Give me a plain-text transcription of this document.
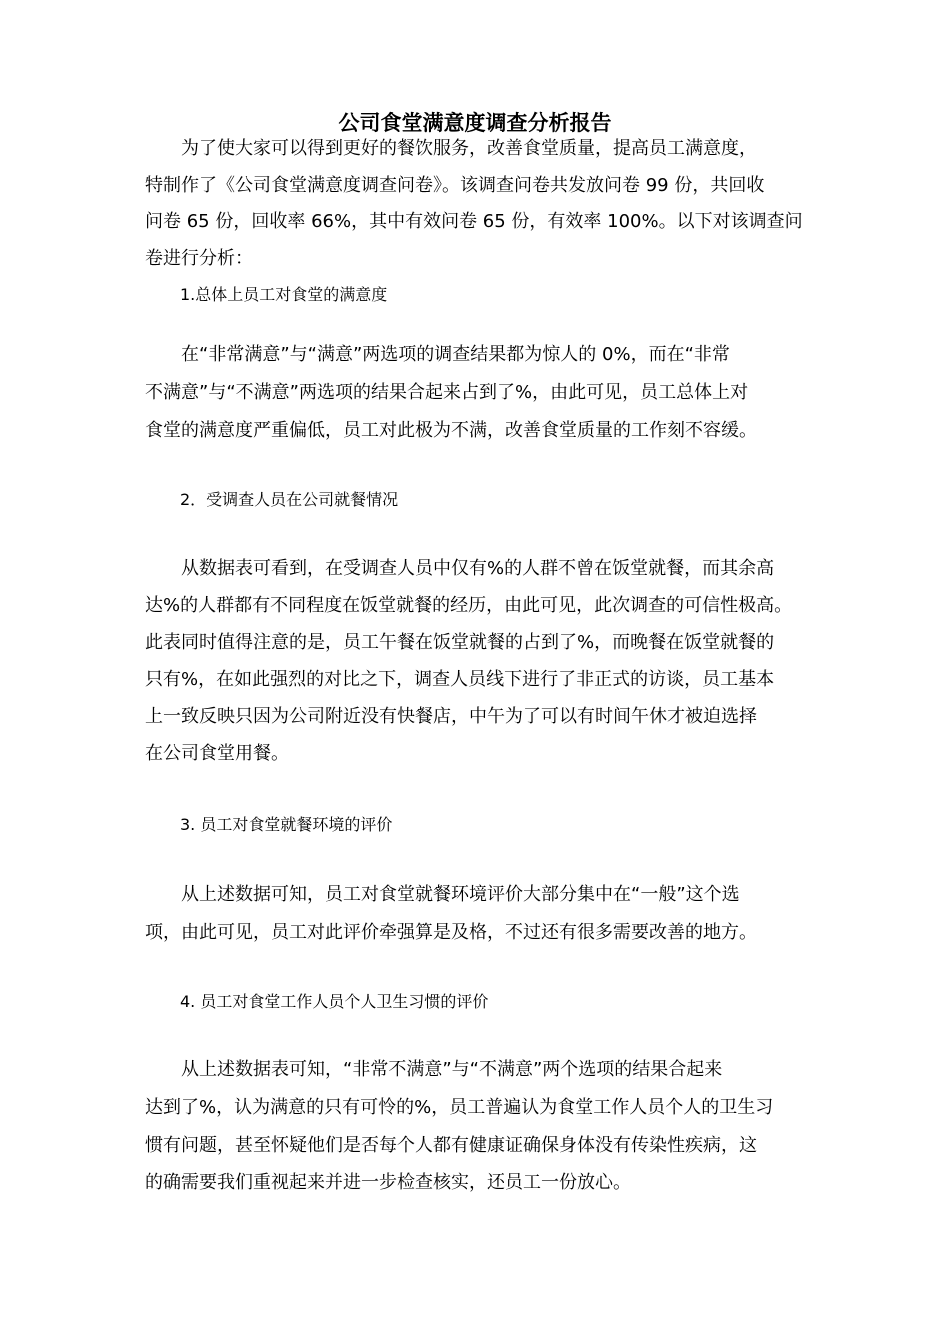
公司食堂满意度调查分析报告
为了使大家可以得到更好的餐饮服务，改善食堂质量，提高员工满意度，
特制作了《公司食堂满意度调查问卷》。该调查问卷共发放问卷 99 份，共回收
问卷 65 份，回收率 66%，其中有效问卷 65 份，有效率 100%。以下对该调查问
卷进行分析：
1.总体上员工对食堂的满意度
在“非常满意”与“满意”两选项的调查结果都为惊人的 0%，而在“非常
不满意”与“不满意”两选项的结果合起来占到了%，由此可见，员工总体上对
食堂的满意度严重偏低，员工对此极为不满，改善食堂质量的工作刻不容缓。
2．受调查人员在公司就餐情况
从数据表可看到，在受调查人员中仅有%的人群不曾在饭堂就餐，而其余高
达%的人群都有不同程度在饭堂就餐的经历，由此可见，此次调查的可信性极高。
此表同时值得注意的是，员工午餐在饭堂就餐的占到了%，而晚餐在饭堂就餐的
只有%，在如此强烈的对比之下，调查人员线下进行了非正式的访谈，员工基本
上一致反映只因为公司附近没有快餐店，中午为了可以有时间午休才被迫选择
在公司食堂用餐。
3. 员工对食堂就餐环境的评价
从上述数据可知，员工对食堂就餐环境评价大部分集中在“一般”这个选
项，由此可见，员工对此评价牵强算是及格，不过还有很多需要改善的地方。
4. 员工对食堂工作人员个人卫生习惯的评价
从上述数据表可知，“非常不满意”与“不满意”两个选项的结果合起来
达到了%，认为满意的只有可怜的%，员工普遍认为食堂工作人员个人的卫生习
惯有问题，甚至怀疑他们是否每个人都有健康证确保身体没有传染性疾病，这
的确需要我们重视起来并进一步检查核实，还员工一份放心。
